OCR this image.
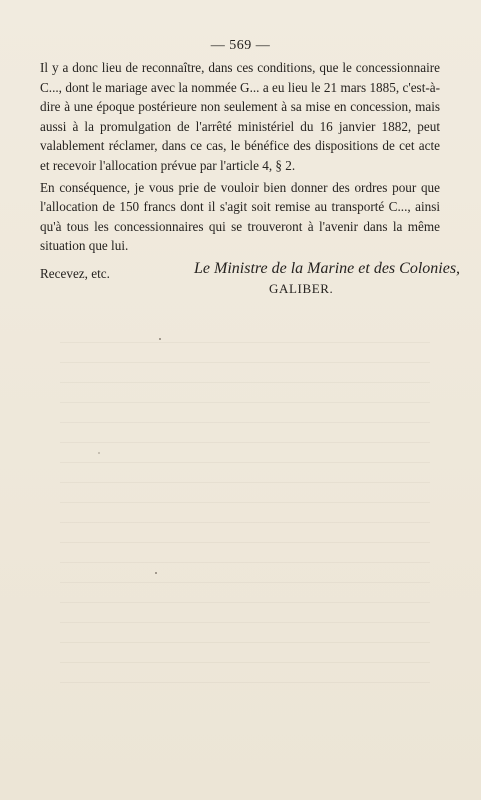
— 569 —

Il y a donc lieu de reconnaître, dans ces conditions, que le concessionnaire C..., dont le mariage avec la nommée G... a eu lieu le 21 mars 1885, c'est-à-dire à une époque postérieure non seulement à sa mise en concession, mais aussi à la promulgation de l'arrêté ministériel du 16 janvier 1882, peut valablement réclamer, dans ce cas, le bénéfice des dispositions de cet acte et recevoir l'allocation prévue par l'article 4, § 2.

En conséquence, je vous prie de vouloir bien donner des ordres pour que l'allocation de 150 francs dont il s'agit soit remise au transporté C..., ainsi qu'à tous les concessionnaires qui se trouveront à l'avenir dans la même situation que lui.

Recevez, etc.	Le Ministre de la Marine et des Colonies,
GALIBER.
